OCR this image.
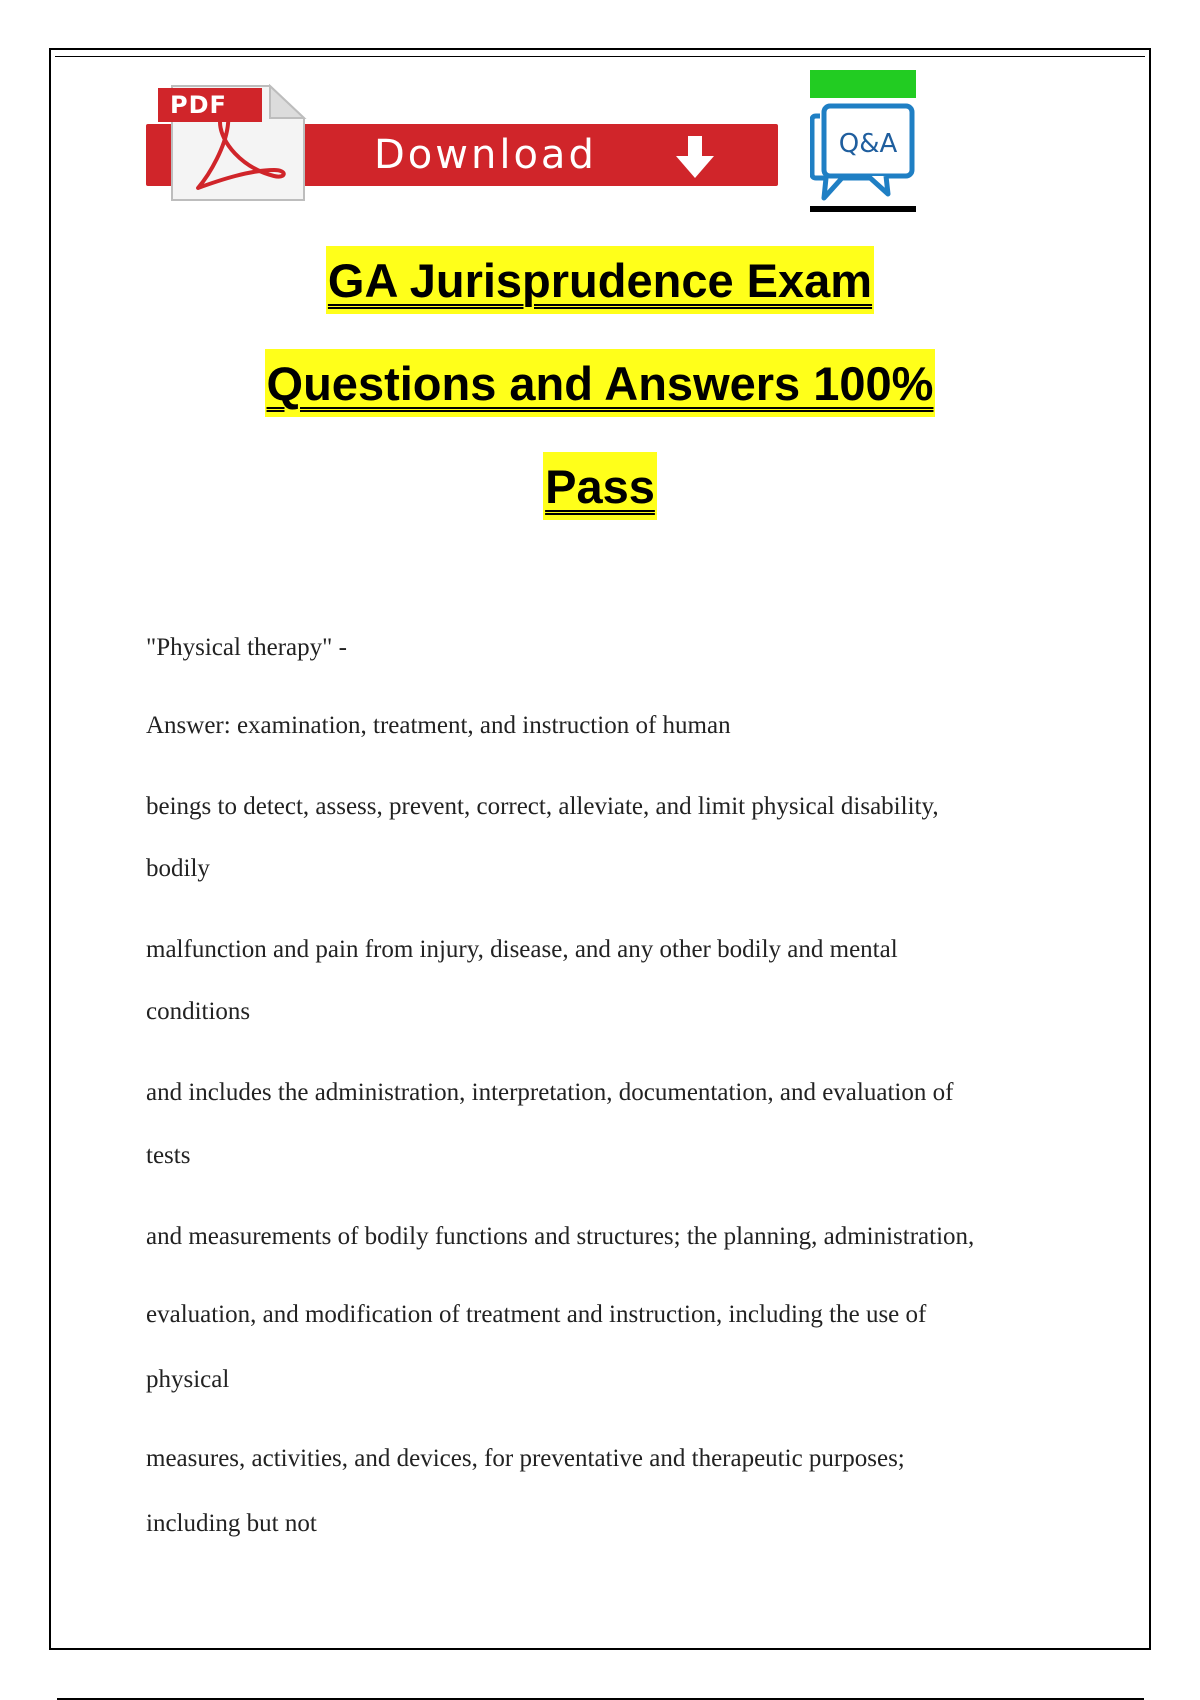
Download
PDF
Q&A
GA Jurisprudence Exam
Questions and Answers 100%
Pass
"Physical therapy" -
Answer: examination, treatment, and instruction of human
beings to detect, assess, prevent, correct, alleviate, and limit physical disability,
bodily
malfunction and pain from injury, disease, and any other bodily and mental
conditions
and includes the administration, interpretation, documentation, and evaluation of
tests
and measurements of bodily functions and structures; the planning, administration,
evaluation, and modification of treatment and instruction, including the use of
physical
measures, activities, and devices, for preventative and therapeutic purposes;
including but not
